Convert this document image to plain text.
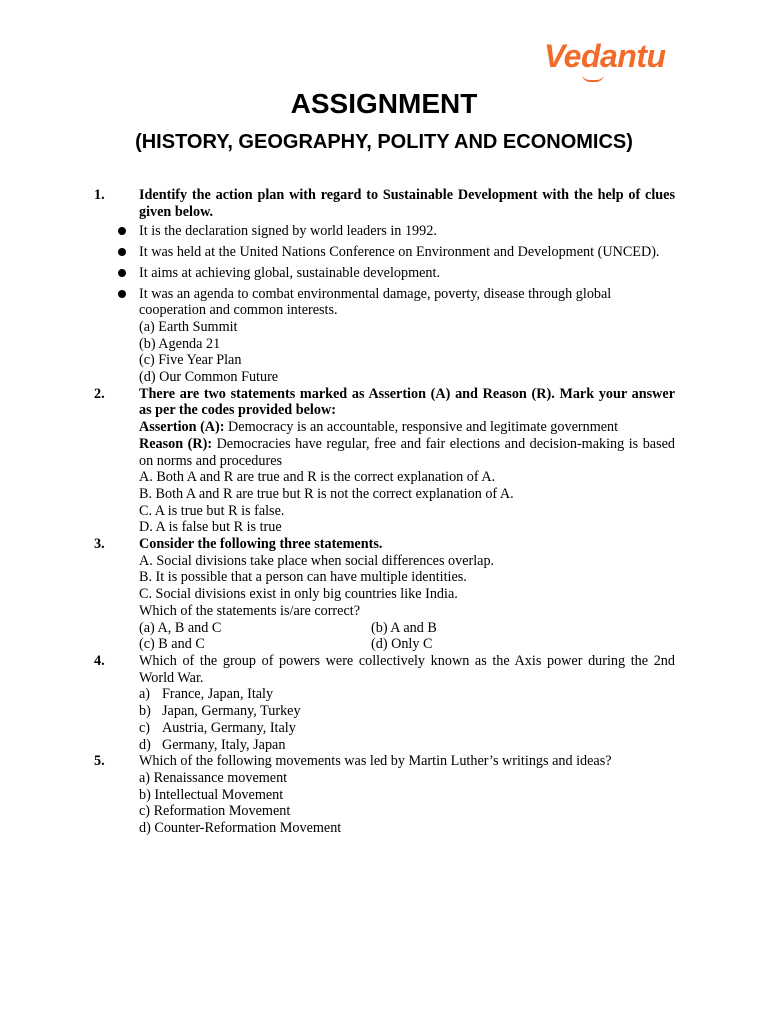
Vedantu
ASSIGNMENT
(HISTORY, GEOGRAPHY, POLITY AND ECONOMICS)
1. Identify the action plan with regard to Sustainable Development with the help of clues given below.
It is the declaration signed by world leaders in 1992.
It was held at the United Nations Conference on Environment and Development (UNCED).
It aims at achieving global, sustainable development.
It was an agenda to combat environmental damage, poverty, disease through global cooperation and common interests.
(a) Earth Summit
(b) Agenda 21
(c) Five Year Plan
(d) Our Common Future
2. There are two statements marked as Assertion (A) and Reason (R). Mark your answer as per the codes provided below:
Assertion (A): Democracy is an accountable, responsive and legitimate government
Reason (R): Democracies have regular, free and fair elections and decision-making is based on norms and procedures
A. Both A and R are true and R is the correct explanation of A.
B. Both A and R are true but R is not the correct explanation of A.
C. A is true but R is false.
D. A is false but R is true
3. Consider the following three statements.
A. Social divisions take place when social differences overlap.
B. It is possible that a person can have multiple identities.
C. Social divisions exist in only big countries like India.
Which of the statements is/are correct?
(a) A, B and C	(b) A and B
(c) B and C	(d) Only C
4. Which of the group of powers were collectively known as the Axis power during the 2nd World War.
a) France, Japan, Italy
b) Japan, Germany, Turkey
c) Austria, Germany, Italy
d) Germany, Italy, Japan
5. Which of the following movements was led by Martin Luther’s writings and ideas?
a) Renaissance movement
b) Intellectual Movement
c) Reformation Movement
d) Counter-Reformation Movement
